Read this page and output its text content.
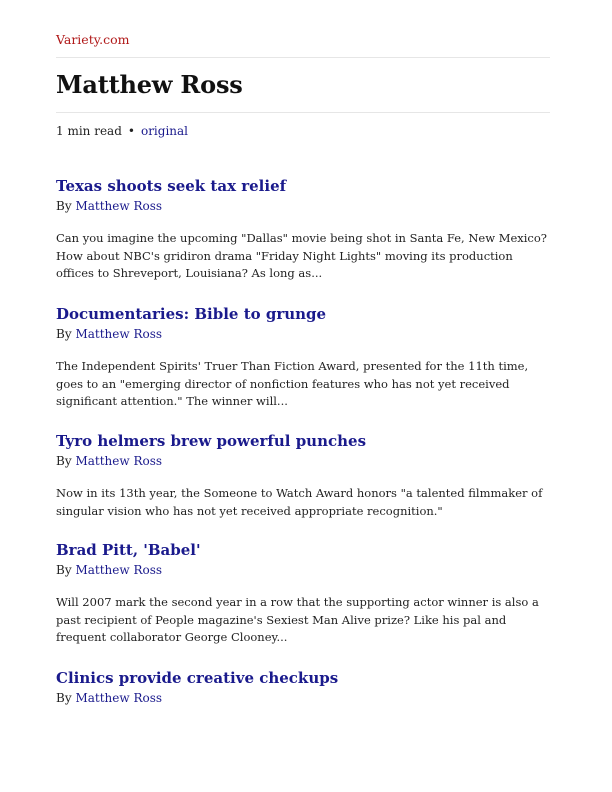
Variety.com
Matthew Ross
1 min read • original
Texas shoots seek tax relief
By Matthew Ross

Can you imagine the upcoming "Dallas" movie being shot in Santa Fe, New Mexico? How about NBC's gridiron drama "Friday Night Lights" moving its production offices to Shreveport, Louisiana? As long as...

Documentaries: Bible to grunge
By Matthew Ross

The Independent Spirits' Truer Than Fiction Award, presented for the 11th time, goes to an "emerging director of nonfiction features who has not yet received significant attention." The winner will...

Tyro helmers brew powerful punches
By Matthew Ross

Now in its 13th year, the Someone to Watch Award honors "a talented filmmaker of singular vision who has not yet received appropriate recognition."

Brad Pitt, 'Babel'
By Matthew Ross

Will 2007 mark the second year in a row that the supporting actor winner is also a past recipient of People magazine's Sexiest Man Alive prize? Like his pal and frequent collaborator George Clooney...

Clinics provide creative checkups
By Matthew Ross
